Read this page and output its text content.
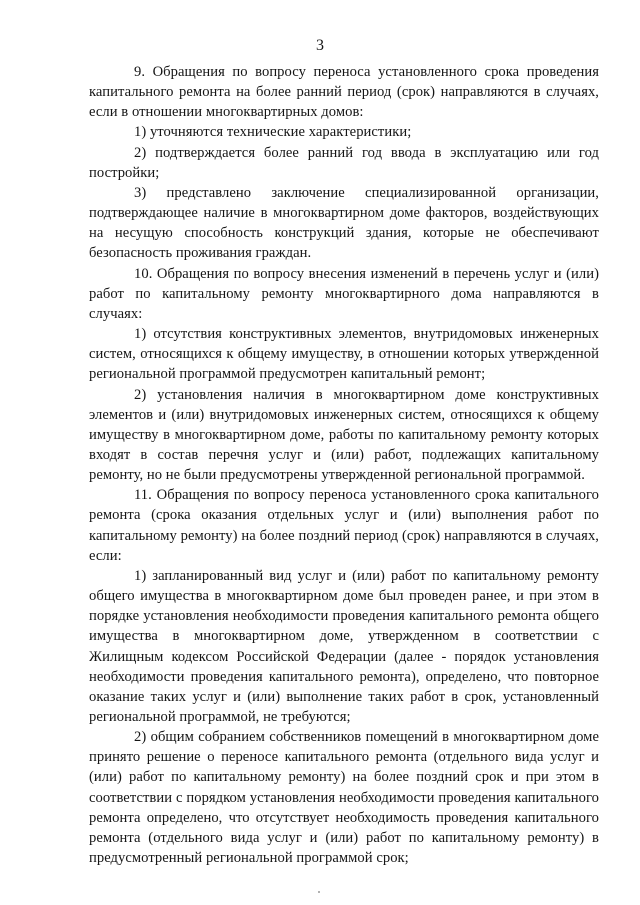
3

9. Обращения по вопросу переноса установленного срока проведения капитального ремонта на более ранний период (срок) направляются в случаях, если в отношении многоквартирных домов:

1) уточняются технические характеристики;

2) подтверждается более ранний год ввода в эксплуатацию или год постройки;

3) представлено заключение специализированной организации, подтверждающее наличие в многоквартирном доме факторов, воздействующих на несущую способность конструкций здания, которые не обеспечивают безопасность проживания граждан.

10. Обращения по вопросу внесения изменений в перечень услуг и (или) работ по капитальному ремонту многоквартирного дома направляются в случаях:

1) отсутствия конструктивных элементов, внутридомовых инженерных систем, относящихся к общему имуществу, в отношении которых утвержденной региональной программой предусмотрен капитальный ремонт;

2) установления наличия в многоквартирном доме конструктивных элементов и (или) внутридомовых инженерных систем, относящихся к общему имуществу в многоквартирном доме, работы по капитальному ремонту которых входят в состав перечня услуг и (или) работ, подлежащих капитальному ремонту, но не были предусмотрены утвержденной региональной программой.

11. Обращения по вопросу переноса установленного срока капитального ремонта (срока оказания отдельных услуг и (или) выполнения работ по капитальному ремонту) на более поздний период (срок) направляются в случаях, если:

1) запланированный вид услуг и (или) работ по капитальному ремонту общего имущества в многоквартирном доме был проведен ранее, и при этом в порядке установления необходимости проведения капитального ремонта общего имущества в многоквартирном доме, утвержденном в соответствии с Жилищным кодексом Российской Федерации (далее - порядок установления необходимости проведения капитального ремонта), определено, что повторное оказание таких услуг и (или) выполнение таких работ в срок, установленный региональной программой, не требуются;

2) общим собранием собственников помещений в многоквартирном доме принято решение о переносе капитального ремонта (отдельного вида услуг и (или) работ по капитальному ремонту) на более поздний срок и при этом в соответствии с порядком установления необходимости проведения капитального ремонта определено, что отсутствует необходимость проведения капитального ремонта (отдельного вида услуг и (или) работ по капитальному ремонту) в предусмотренный региональной программой срок;
